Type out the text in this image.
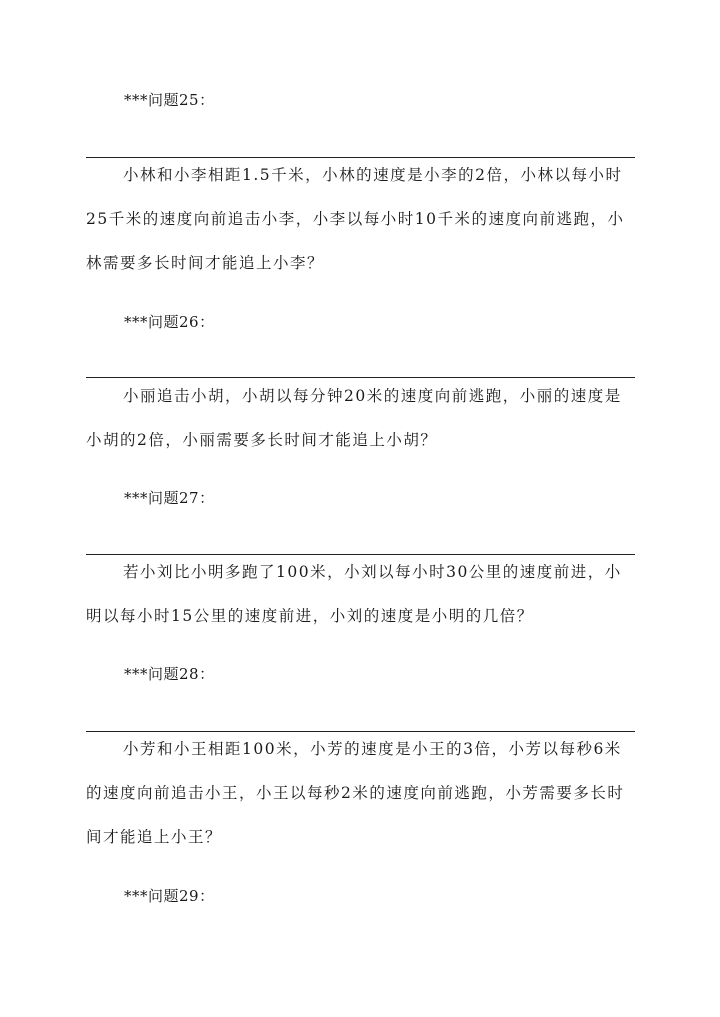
***问题25：

小林和小李相距1.5千米，小林的速度是小李的2倍，小林以每小时25千米的速度向前追击小李，小李以每小时10千米的速度向前逃跑，小林需要多长时间才能追上小李？

***问题26：

小丽追击小胡，小胡以每分钟20米的速度向前逃跑，小丽的速度是小胡的2倍，小丽需要多长时间才能追上小胡？

***问题27：

若小刘比小明多跑了100米，小刘以每小时30公里的速度前进，小明以每小时15公里的速度前进，小刘的速度是小明的几倍？

***问题28：

小芳和小王相距100米，小芳的速度是小王的3倍，小芳以每秒6米的速度向前追击小王，小王以每秒2米的速度向前逃跑，小芳需要多长时间才能追上小王？

***问题29：
